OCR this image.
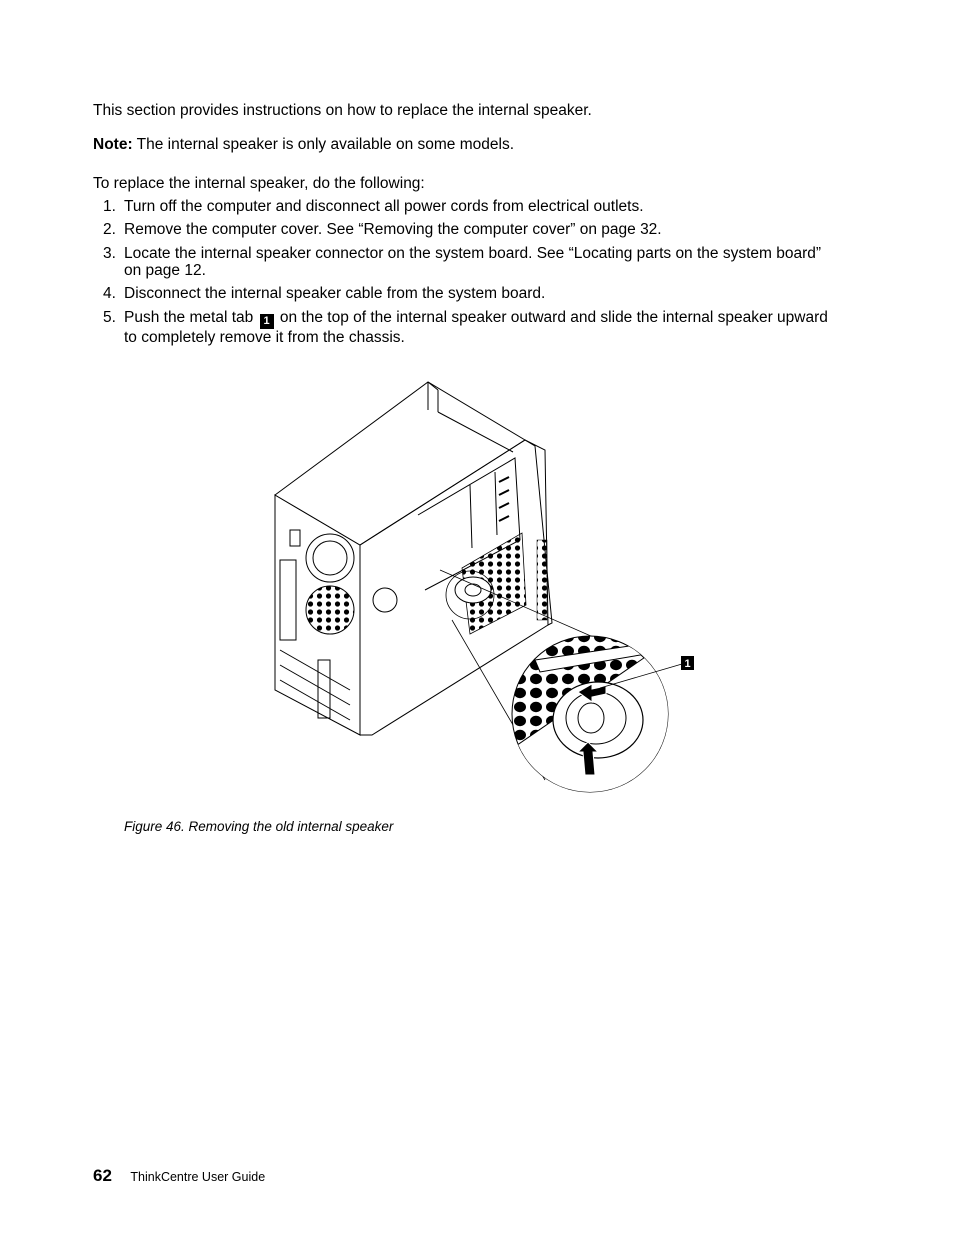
This section provides instructions on how to replace the internal speaker.
Note: The internal speaker is only available on some models.
To replace the internal speaker, do the following:
1. Turn off the computer and disconnect all power cords from electrical outlets.
2. Remove the computer cover. See “Removing the computer cover” on page 32.
3. Locate the internal speaker connector on the system board. See “Locating parts on the system board”
on page 12.
4. Disconnect the internal speaker cable from the system board.
5. Push the metal tab 1 on the top of the internal speaker outward and slide the internal speaker upward
to completely remove it from the chassis.
1
Figure 46. Removing the old internal speaker
62 ThinkCentre User Guide
